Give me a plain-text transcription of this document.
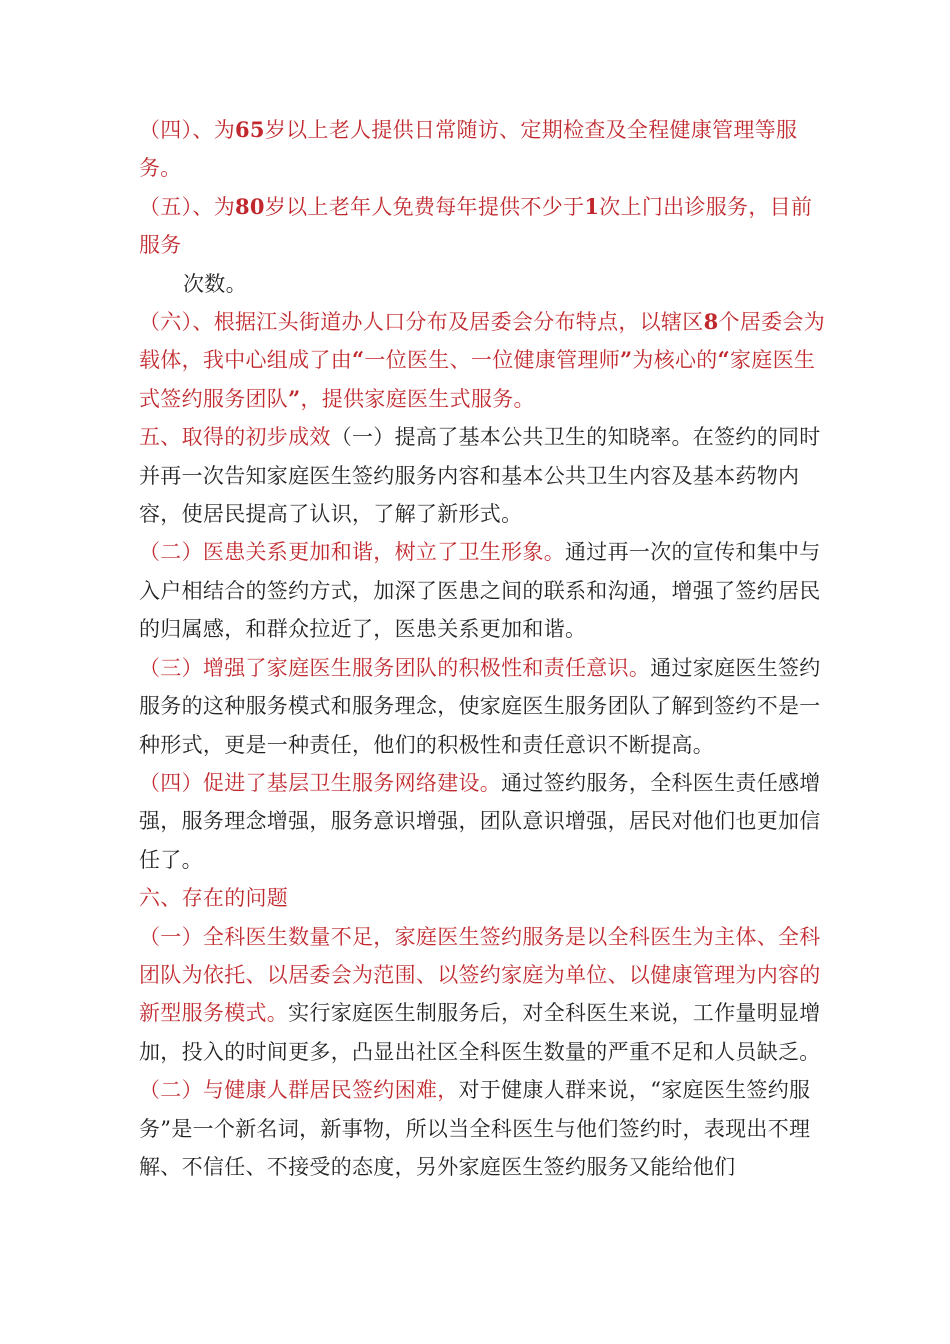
（四）、为65岁以上老人提供日常随访、定期检查及全程健康管理等服务。

（五）、为80岁以上老年人免费每年提供不少于1次上门出诊服务，目前服务

次数。

（六）、根据江头街道办人口分布及居委会分布特点，以辖区8个居委会为载体，我中心组成了由“一位医生、一位健康管理师”为核心的“家庭医生式签约服务团队”，提供家庭医生式服务。

五、取得的初步成效（一）提高了基本公共卫生的知晓率。在签约的同时并再一次告知家庭医生签约服务内容和基本公共卫生内容及基本药物内容，使居民提高了认识，了解了新形式。

（二）医患关系更加和谐，树立了卫生形象。通过再一次的宣传和集中与入户相结合的签约方式，加深了医患之间的联系和沟通，增强了签约居民的归属感，和群众拉近了，医患关系更加和谐。

（三）增强了家庭医生服务团队的积极性和责任意识。通过家庭医生签约服务的这种服务模式和服务理念，使家庭医生服务团队了解到签约不是一种形式，更是一种责任，他们的积极性和责任意识不断提高。

（四）促进了基层卫生服务网络建设。通过签约服务，全科医生责任感增强，服务理念增强，服务意识增强，团队意识增强，居民对他们也更加信任了。

六、存在的问题

（一）全科医生数量不足，家庭医生签约服务是以全科医生为主体、全科团队为依托、以居委会为范围、以签约家庭为单位、以健康管理为内容的新型服务模式。实行家庭医生制服务后，对全科医生来说，工作量明显增加，投入的时间更多，凸显出社区全科医生数量的严重不足和人员缺乏。

（二）与健康人群居民签约困难，对于健康人群来说，“家庭医生签约服务”是一个新名词，新事物，所以当全科医生与他们签约时，表现出不理解、不信任、不接受的态度，另外家庭医生签约服务又能给他们
